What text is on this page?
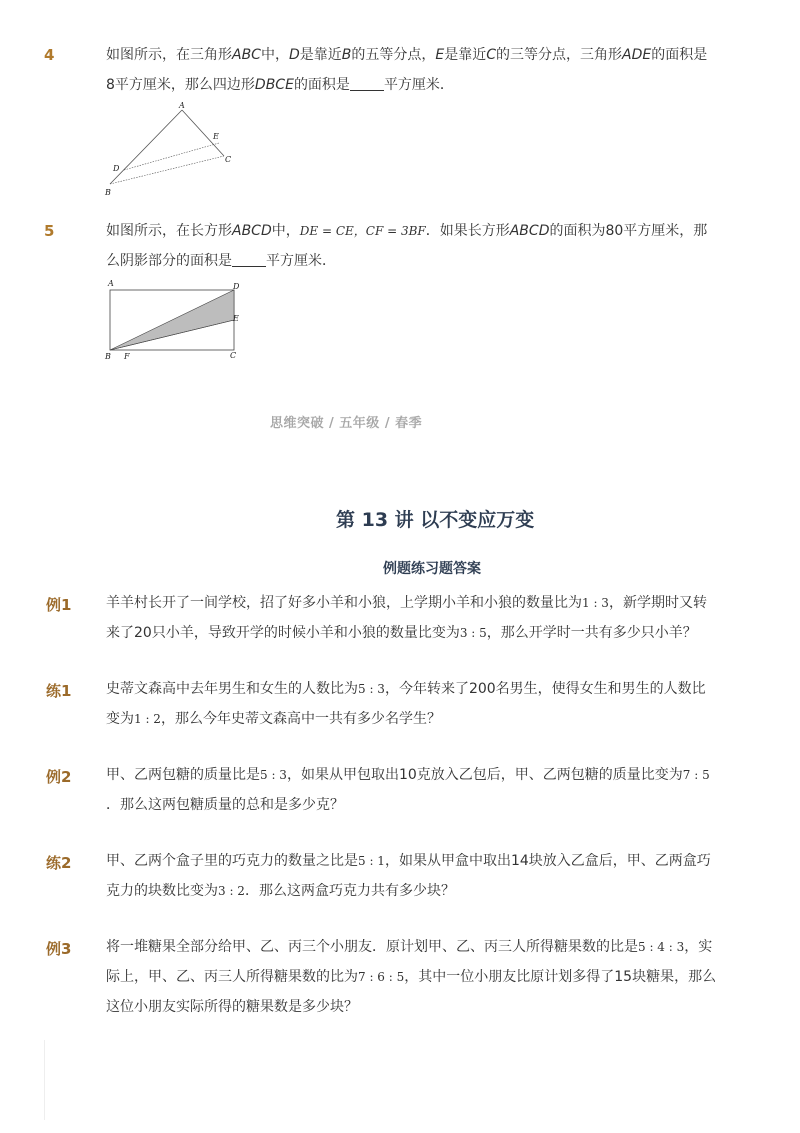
4	如图所示，在三角形ABC中，D是靠近B的五等分点，E是靠近C的三等分点，三角形ADE的面积是

8平方厘米，那么四边形DBCE的面积是 平方厘米．

A
E
C
D
B
5	如图所示，在长方形ABCD中，DE = CE，CF = 3BF．如果长方形ABCD的面积为80平方厘米，那

么阴影部分的面积是 平方厘米．

A	D
E
B F	C
思维突破 / 五年级 / 春季
第 13 讲 以不变应万变
例题练习题答案
例1 羊羊村长开了一间学校，招了好多小羊和小狼，上学期小羊和小狼的数量比为1 : 3，新学期时又转

来了20只小羊，导致开学的时候小羊和小狼的数量比变为3 : 5，那么开学时一共有多少只小羊？

练1 史蒂文森高中去年男生和女生的人数比为5 : 3，今年转来了200名男生，使得女生和男生的人数比

变为1 : 2，那么今年史蒂文森高中一共有多少名学生？

例2 甲、乙两包糖的质量比是5 : 3，如果从甲包取出10克放入乙包后，甲、乙两包糖的质量比变为7 : 5

．那么这两包糖质量的总和是多少克？

练2 甲、乙两个盒子里的巧克力的数量之比是5 : 1，如果从甲盒中取出14块放入乙盒后，甲、乙两盒巧

克力的块数比变为3 : 2．那么这两盒巧克力共有多少块？

例3 将一堆糖果全部分给甲、乙、丙三个小朋友．原计划甲、乙、丙三人所得糖果数的比是5 : 4 : 3，实

际上，甲、乙、丙三人所得糖果数的比为7 : 6 : 5，其中一位小朋友比原计划多得了15块糖果，那么

这位小朋友实际所得的糖果数是多少块？
